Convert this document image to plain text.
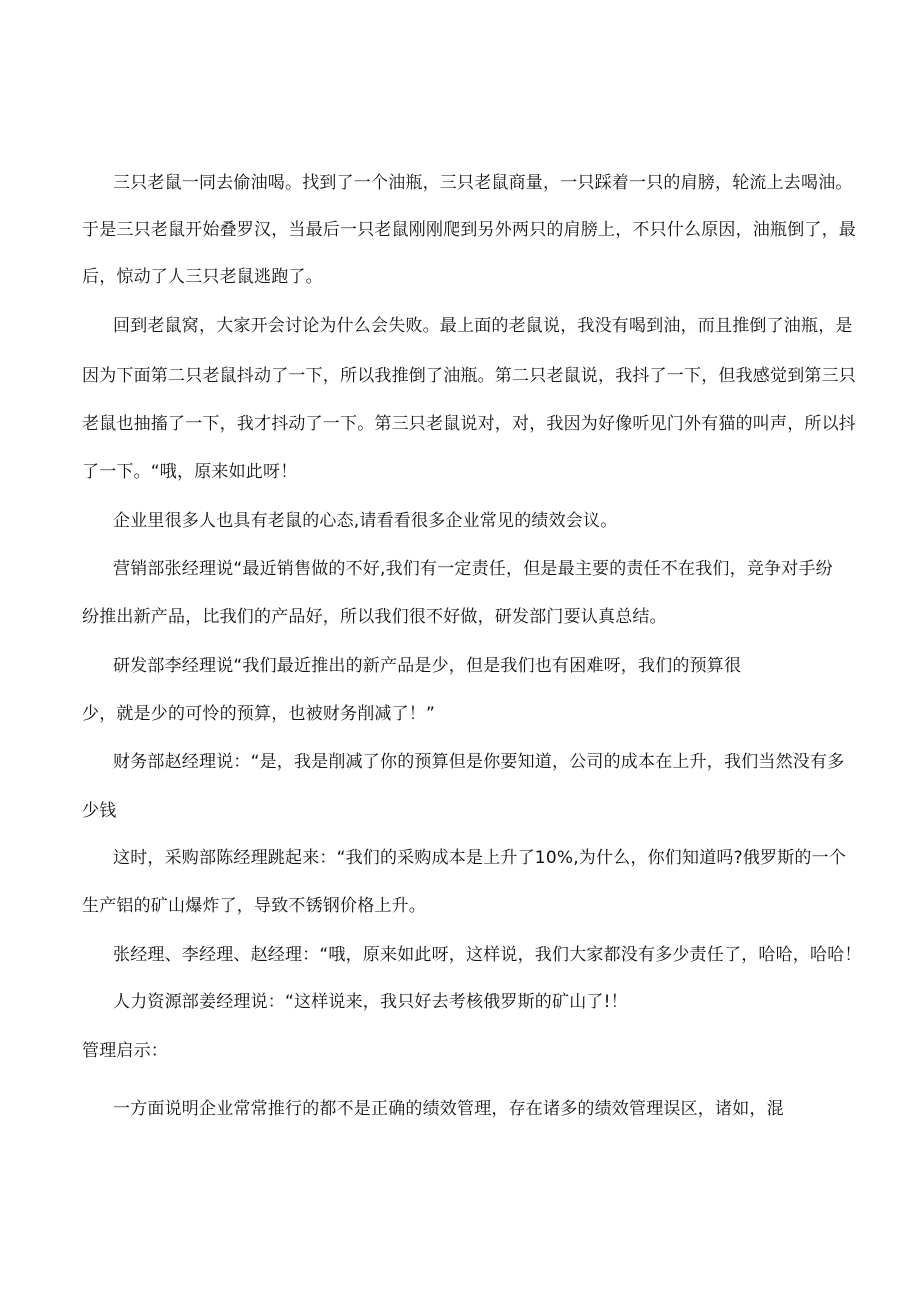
三只老鼠一同去偷油喝。找到了一个油瓶，三只老鼠商量，一只踩着一只的肩膀，轮流上去喝油。
于是三只老鼠开始叠罗汉，当最后一只老鼠刚刚爬到另外两只的肩膀上，不只什么原因，油瓶倒了，最
后，惊动了人三只老鼠逃跑了。
回到老鼠窝，大家开会讨论为什么会失败。最上面的老鼠说，我没有喝到油，而且推倒了油瓶，是
因为下面第二只老鼠抖动了一下，所以我推倒了油瓶。第二只老鼠说，我抖了一下，但我感觉到第三只
老鼠也抽搐了一下，我才抖动了一下。第三只老鼠说对，对，我因为好像听见门外有猫的叫声，所以抖
了一下。“哦，原来如此呀！
企业里很多人也具有老鼠的心态,请看看很多企业常见的绩效会议。
营销部张经理说“最近销售做的不好,我们有一定责任，但是最主要的责任不在我们，竞争对手纷
纷推出新产品，比我们的产品好，所以我们很不好做，研发部门要认真总结。
研发部李经理说“我们最近推出的新产品是少，但是我们也有困难呀，我们的预算很
少，就是少的可怜的预算，也被财务削减了！”
财务部赵经理说：“是，我是削减了你的预算但是你要知道，公司的成本在上升，我们当然没有多
少钱
这时，采购部陈经理跳起来：“我们的采购成本是上升了10%,为什么，你们知道吗?俄罗斯的一个
生产铝的矿山爆炸了，导致不锈钢价格上升。
张经理、李经理、赵经理：“哦，原来如此呀，这样说，我们大家都没有多少责任了，哈哈，哈哈！
人力资源部姜经理说：“这样说来，我只好去考核俄罗斯的矿山了!！
管理启示：
一方面说明企业常常推行的都不是正确的绩效管理，存在诸多的绩效管理误区，诸如，混
